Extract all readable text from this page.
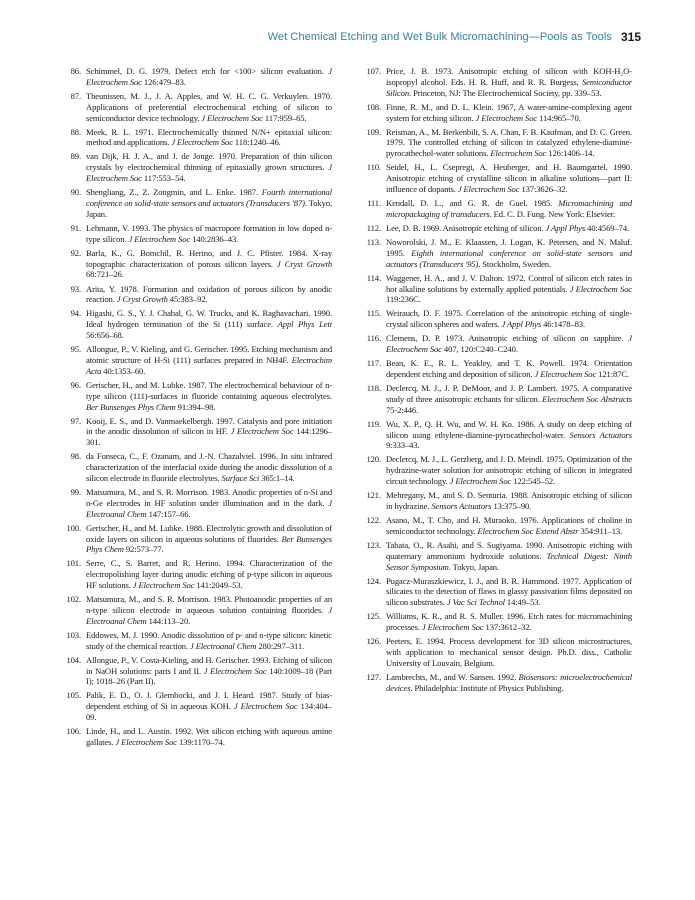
Wet Chemical Etching and Wet Bulk Micromachining—Pools as Tools 315
86. Schimmel, D. G. 1979. Defect etch for <100> silicon evaluation. J Electrochem Soc 126:479–83.
87. Theunissen, M. J., J. A. Apples, and W. H. C. G. Verkuylen. 1970. Applications of preferential electrochemical etching of silicon to semiconductor device technology. J Electrochem Soc 117:959–65.
88. Meek, R. L. 1971. Electrochemically thinned N/N+ epitaxial silicon: method and applications. J Electrochem Soc 118:1240–46.
89. van Dijk, H. J. A., and J. de Jonge. 1970. Preparation of thin silicon crystals by electrochemical thinning of epitaxially grown structures. J Electrochem Soc 117:553–54.
90. Shengliang, Z., Z. Zongmin, and L. Enke. 1987. Fourth international conference on solid-state sensors and actuators (Transducers '87). Tokyo, Japan.
91. Lehmann, V. 1993. The physics of macropore formation in low doped n-type silicon. J Electrochem Soc 140:2836–43.
92. Barla, K., G. Bomchil, R. Herino, and J. C. Pfister. 1984. X-ray topographic characterization of porous silicon layers. J Cryst Growth 68:721–26.
93. Arita, Y. 1978. Formation and oxidation of porous silicon by anodic reaction. J Cryst Growth 45:383–92.
94. Higashi, G. S., Y. J. Chabal, G. W. Trucks, and K. Raghavachari. 1990. Ideal hydrogen termination of the Si (111) surface. Appl Phys Lett 56:656–68.
95. Allongue, P., V. Kieling, and G. Gerischer. 1995. Etching mechanism and atomic structure of H-Si (111) surfaces prepared in NH4F. Electrochim Acta 40:1353–60.
96. Gerischer, H., and M. Lubke. 1987. The electrochemical behaviour of n-type silicon (111)-surfaces in fluoride containing aqueous electrolytes. Ber Bunsenges Phys Chem 91:394–98.
97. Kooij, E. S., and D. Vanmaekelbergh. 1997. Catalysis and pore initiation in the anodic dissolution of silicon in HF. J Electrochem Soc 144:1296–301.
98. da Fonseca, C., F. Ozanam, and J.-N. Chazalviel. 1996. In situ infrared characterization of the interfacial oxide during the anodic dissolution of a silicon electrode in fluoride electrolytes. Surface Sci 365:1–14.
99. Matsumura, M., and S. R. Morrison. 1983. Anodic properties of n-Si and n-Ge electrodes in HF solution under illumination and in the dark. J Electroanal Chem 147:157–66.
100. Gerischer, H., and M. Lubke. 1988. Electrolytic growth and dissolution of oxide layers on silicon in aqueous solutions of fluorides. Ber Bunsenges Phys Chem 92:573–77.
101. Serre, C., S. Barret, and R. Herino. 1994. Characterization of the electropolishing layer during anodic etching of p-type silicon in aqueous HF solutions. J Electrochem Soc 141:2049–53.
102. Matsumura, M., and S. R. Morrison. 1983. Photoanodic properties of an n-type silicon electrode in aqueous solution containing fluorides. J Electroanal Chem 144:113–20.
103. Eddowes, M. J. 1990. Anodic dissolution of p- and n-type silicon: kinetic study of the chemical reaction. J Electroanal Chem 280:297–311.
104. Allongue, P., V. Costa-Kieling, and H. Gerischer. 1993. Etching of silicon in NaOH solutions: parts I and II. J Electrochem Soc 140:1009–18 (Part I); 1018–26 (Part II).
105. Palik, E. D., O. J. Glembocki, and J. I. Heard. 1987. Study of bias-dependent etching of Si in aqueous KOH. J Electrochem Soc 134:404–09.
106. Linde, H., and L. Austin. 1992. Wet silicon etching with aqueous amine gallates. J Electrochem Soc 139:1170–74.
107. Price, J. B. 1973. Anisotropic etching of silicon with KOH-H₂O- isopropyl alcohol. Eds. H. R. Huff, and R. R. Burgess, Semiconductor Silicon. Princeton, NJ: The Electrochemical Society, pp. 339–53.
108. Finne, R. M., and D. L. Klein. 1967, A water-amine-complexing agent system for etching silicon. J Electrochem Soc 114:965–70.
109. Reisman, A., M. Berkenbilt, S. A. Chan, F. B. Kaufman, and D. C. Green. 1979. The controlled etching of silicon in catalyzed ethylene-diamine-pyrocathechol-water solutions. Electrochem Soc 126:1406–14.
110. Seidel, H., L. Csepregi, A. Heuberger, and H. Baumgartel. 1990. Anisotropic etching of crystalline silicon in alkaline solutions—part II: influence of dopants. J Electrochem Soc 137:3626–32.
111. Kendall, D. L., and G. R. de Guel. 1985. Micromachining and micropackaging of transducers. Ed. C. D. Fung. New York: Elsevier.
112. Lee, D. B. 1969. Anisotropic etching of silicon. J Appl Phys 40:4569–74.
113. Noworolski, J. M., E. Klaassen, J. Logan, K. Petersen, and N. Maluf. 1995. Eighth international conference on solid-state sensors and actuators (Transducers '95). Stockholm, Sweden.
114. Waggener, H. A., and J. V. Dalton. 1972. Control of silicon etch rates in hot alkaline solutions by externally applied potentials. J Electrochem Soc 119:236C.
115. Weirauch, D. F. 1975. Correlation of the anisotropic etching of single-crystal silicon spheres and wafers. J Appl Phys 46:1478–83.
116. Clemens, D. P. 1973. Anisotropic etching of silicon on sapphire. J Electrochem Soc 407, 120:C240–C240.
117. Bean, K. E., R. L. Yeakley, and T. K. Powell. 1974. Orientation dependent etching and deposition of silicon. J Electrochem Soc 121:87C.
118. Declercq, M. J., J. P. DeMoor, and J. P. Lambert. 1975. A comparative study of three anisotropic etchants for silicon. Electrochem Soc Abstracts 75-2:446.
119. Wu, X. P., Q. H. Wu, and W. H. Ko. 1986. A study on deep etching of silicon using ethylene-diamine-pyrocathechol-water. Sensors Actuators 9:333–43.
120. Declercq, M. J., L. Gerzberg, and J. D. Meindl. 1975. Optimization of the hydrazine-water solution for anisotropic etching of silicon in integrated circuit technology. J Electrochem Soc 122:545–52.
121. Mehregany, M., and S. D. Senturia. 1988. Anisotropic etching of silicon in hydrazine. Sensors Actuators 13:375–90.
122. Asano, M., T. Cho, and H. Muraoko. 1976. Applications of choline in semiconductor technology. Electrochem Soc Extend Abstr 354:911–13.
123. Tabata, O., R. Asahi, and S. Sugiyama. 1990. Anisotropic etching with quaternary ammonium hydroxide solutions. Technical Digest: Ninth Sensor Symposium. Tokyo, Japan.
124. Pugacz-Muraszkiewicz, I. J., and B. R. Hammond. 1977. Application of silicates to the detection of flaws in glassy passivation films deposited on silicon substrates. J Vac Sci Technol 14:49–53.
125. Williams, K. R., and R. S. Muller. 1996. Etch rates for micromachining processes. J Electrochem Soc 137:3612–32.
126. Peeters, E. 1994. Process development for 3D silicon microstructures, with application to mechanical sensor design. Ph.D. diss., Catholic University of Louvain, Belgium.
127. Lambrechts, M., and W. Sansen. 1992. Biosensors: microelectrochemical devices. Philadelphia: Institute of Physics Publishing.
